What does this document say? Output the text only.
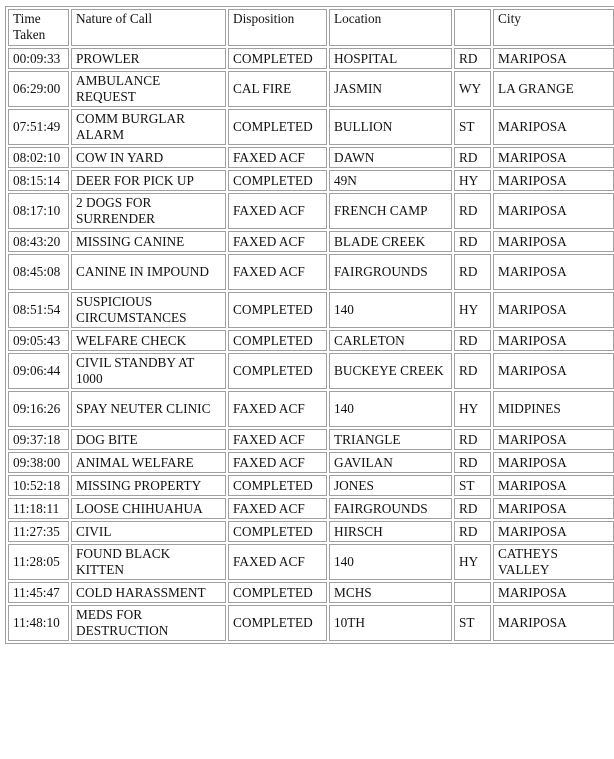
Time Taken	Nature of Call	Disposition	Location		City
00:09:33	PROWLER	COMPLETED	HOSPITAL	RD	MARIPOSA
06:29:00	AMBULANCE REQUEST	CAL FIRE	JASMIN	WY	LA GRANGE
07:51:49	COMM BURGLAR ALARM	COMPLETED	BULLION	ST	MARIPOSA
08:02:10	COW IN YARD	FAXED ACF	DAWN	RD	MARIPOSA
08:15:14	DEER FOR PICK UP	COMPLETED	49N	HY	MARIPOSA
08:17:10	2 DOGS FOR SURRENDER	FAXED ACF	FRENCH CAMP	RD	MARIPOSA
08:43:20	MISSING CANINE	FAXED ACF	BLADE CREEK	RD	MARIPOSA
08:45:08	CANINE IN IMPOUND	FAXED ACF	FAIRGROUNDS	RD	MARIPOSA
08:51:54	SUSPICIOUS CIRCUMSTANCES	COMPLETED	140	HY	MARIPOSA
09:05:43	WELFARE CHECK	COMPLETED	CARLETON	RD	MARIPOSA
09:06:44	CIVIL STANDBY AT 1000	COMPLETED	BUCKEYE CREEK	RD	MARIPOSA
09:16:26	SPAY NEUTER CLINIC	FAXED ACF	140	HY	MIDPINES
09:37:18	DOG BITE	FAXED ACF	TRIANGLE	RD	MARIPOSA
09:38:00	ANIMAL WELFARE	FAXED ACF	GAVILAN	RD	MARIPOSA
10:52:18	MISSING PROPERTY	COMPLETED	JONES	ST	MARIPOSA
11:18:11	LOOSE CHIHUAHUA	FAXED ACF	FAIRGROUNDS	RD	MARIPOSA
11:27:35	CIVIL	COMPLETED	HIRSCH	RD	MARIPOSA
11:28:05	FOUND BLACK KITTEN	FAXED ACF	140	HY	CATHEYS VALLEY
11:45:47	COLD HARASSMENT	COMPLETED	MCHS		MARIPOSA
11:48:10	MEDS FOR DESTRUCTION	COMPLETED	10TH	ST	MARIPOSA
